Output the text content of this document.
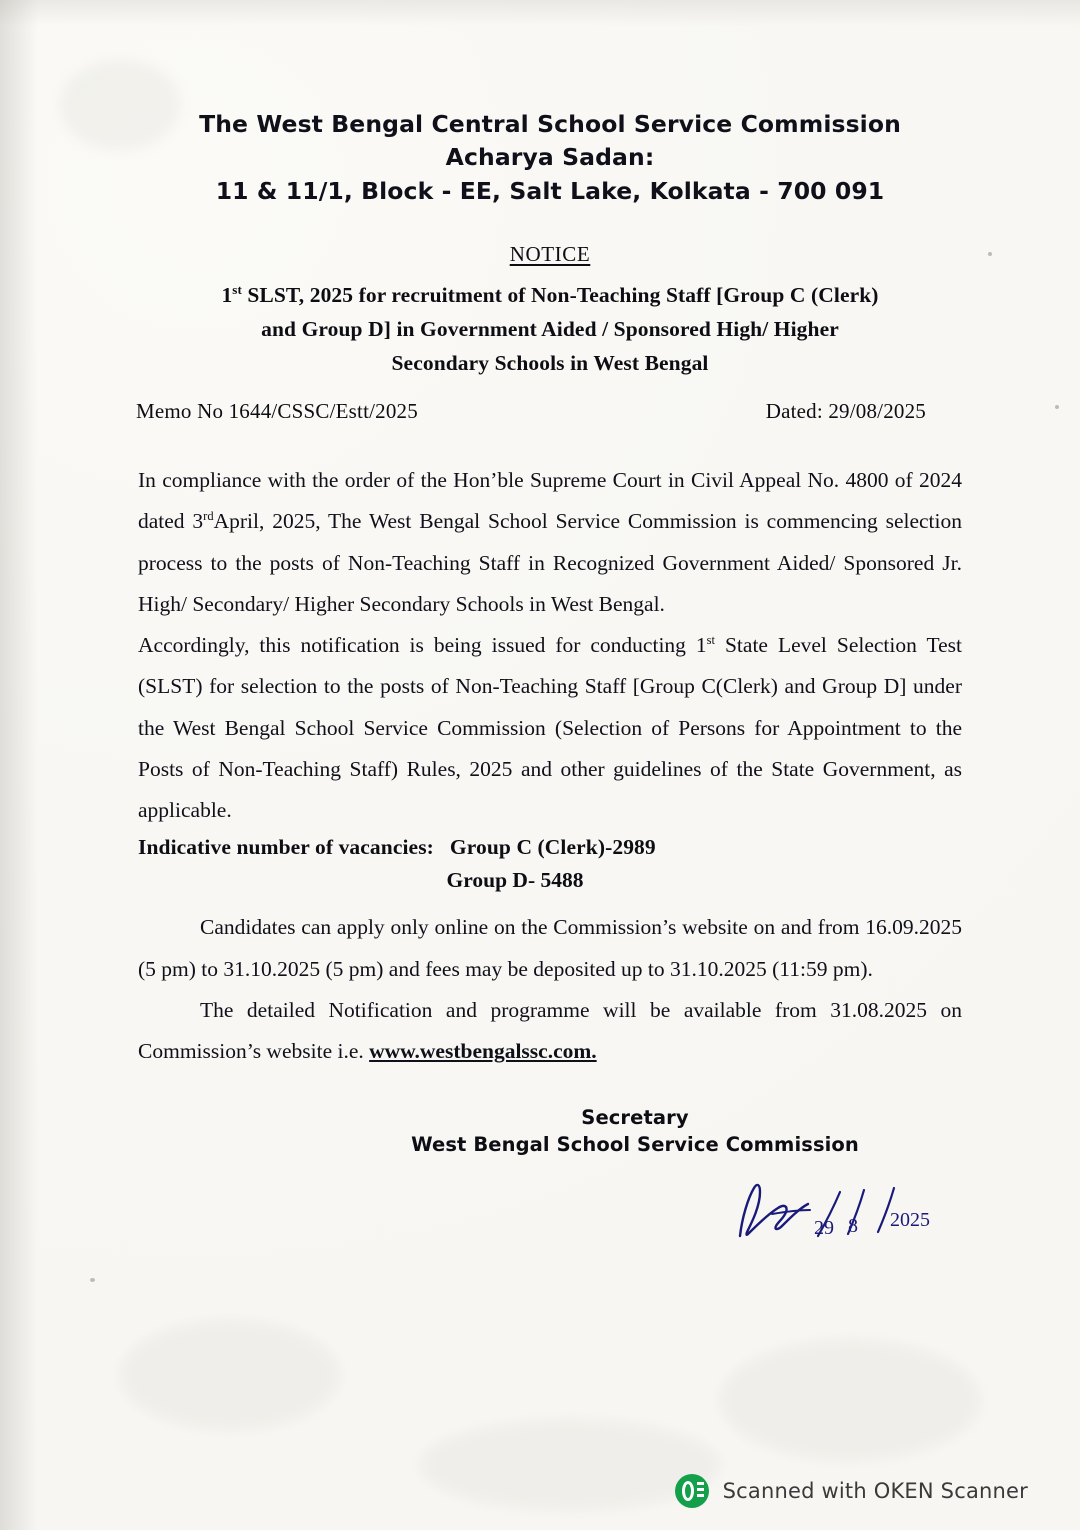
The West Bengal Central School Service Commission
Acharya Sadan:
11 & 11/1, Block - EE, Salt Lake, Kolkata - 700 091
NOTICE
1st SLST, 2025 for recruitment of Non-Teaching Staff [Group C (Clerk)
and Group D] in Government Aided / Sponsored High/ Higher
Secondary Schools in West Bengal
Memo No 1644/CSSC/Estt/2025	Dated: 29/08/2025

In compliance with the order of the Hon’ble Supreme Court in Civil Appeal No. 4800 of 2024 dated 3rdApril, 2025, The West Bengal School Service Commission is commencing selection process to the posts of Non-Teaching Staff in Recognized Government Aided/ Sponsored Jr. High/ Secondary/ Higher Secondary Schools in West Bengal.

Accordingly, this notification is being issued for conducting 1st State Level Selection Test (SLST) for selection to the posts of Non-Teaching Staff [Group C(Clerk) and Group D] under the West Bengal School Service Commission (Selection of Persons for Appointment to the Posts of Non-Teaching Staff) Rules, 2025 and other guidelines of the State Government, as applicable.

Indicative number of vacancies: Group C (Clerk)-2989
Group D- 5488

Candidates can apply only online on the Commission’s website on and from 16.09.2025 (5 pm) to 31.10.2025 (5 pm) and fees may be deposited up to 31.10.2025 (11:59 pm).

The detailed Notification and programme will be available from 31.08.2025 on Commission’s website i.e. www.westbengalssc.com.

Secretary
West Bengal School Service Commission
29 8 2025
Scanned with OKEN Scanner
